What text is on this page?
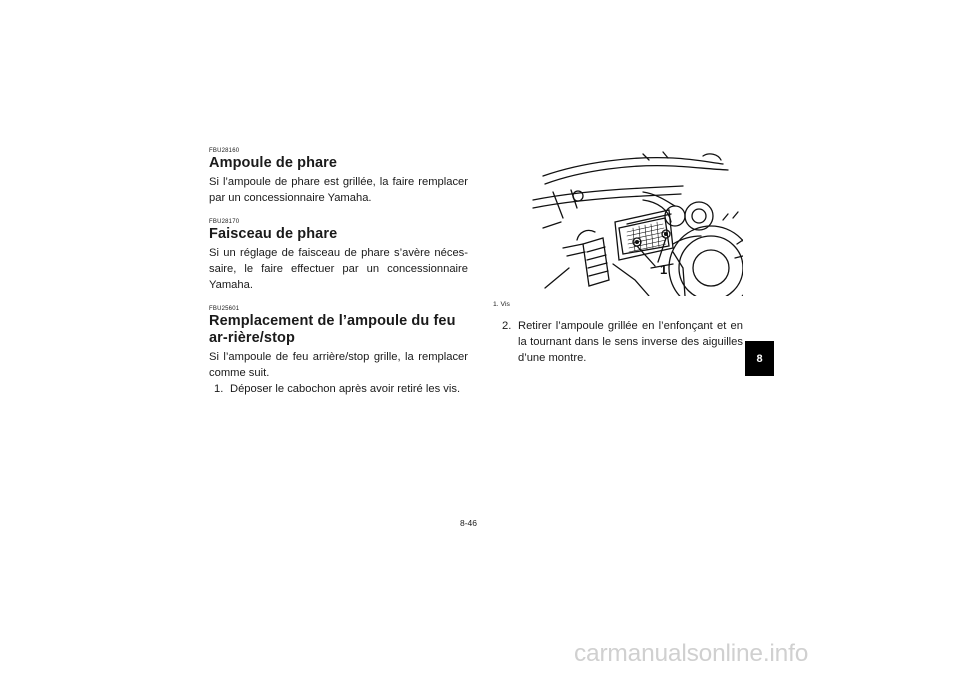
FBU28160
Ampoule de phare

Si l’ampoule de phare est grillée, la faire remplacer par un concessionnaire Yamaha.

FBU28170
Faisceau de phare

Si un réglage de faisceau de phare s’avère néces-saire, le faire effectuer par un concessionnaire Yamaha.

FBU25601
Remplacement de l’ampoule du feu ar-rière/stop

Si l’ampoule de feu arrière/stop grille, la remplacer comme suit.

1. Déposer le cabochon après avoir retiré les vis.
1
1. Vis
2. Retirer l’ampoule grillée en l’enfonçant et en la tournant dans le sens inverse des aiguilles d’une montre.	8
8-46
carmanualsonline.info
